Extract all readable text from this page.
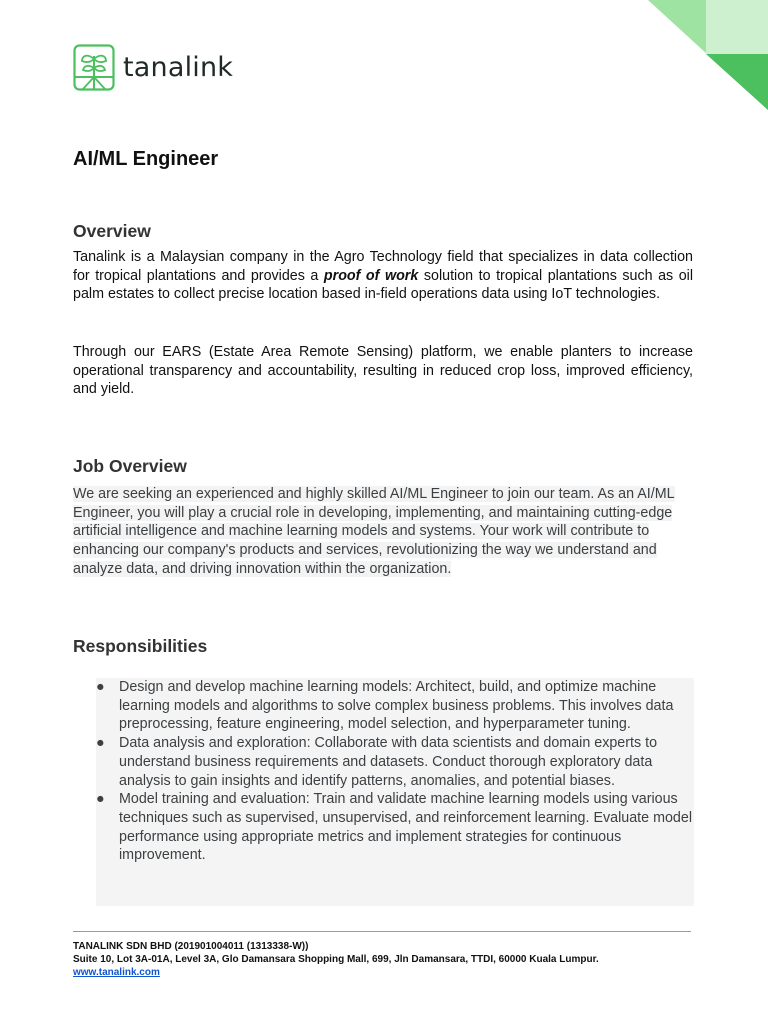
tanalink
AI/ML Engineer
Overview

Tanalink is a Malaysian company in the Agro Technology field that specializes in data collection for tropical plantations and provides a proof of work solution to tropical plantations such as oil palm estates to collect precise location based in-field operations data using IoT technologies.

Through our EARS (Estate Area Remote Sensing) platform, we enable planters to increase operational transparency and accountability, resulting in reduced crop loss, improved efficiency, and yield.

Job Overview

We are seeking an experienced and highly skilled AI/ML Engineer to join our team. As an AI/ML Engineer, you will play a crucial role in developing, implementing, and maintaining cutting-edge artificial intelligence and machine learning models and systems. Your work will contribute to enhancing our company's products and services, revolutionizing the way we understand and analyze data, and driving innovation within the organization.

Responsibilities
● Design and develop machine learning models: Architect, build, and optimize machine learning models and algorithms to solve complex business problems. This involves data preprocessing, feature engineering, model selection, and hyperparameter tuning.
● Data analysis and exploration: Collaborate with data scientists and domain experts to understand business requirements and datasets. Conduct thorough exploratory data analysis to gain insights and identify patterns, anomalies, and potential biases.
● Model training and evaluation: Train and validate machine learning models using various techniques such as supervised, unsupervised, and reinforcement learning. Evaluate model performance using appropriate metrics and implement strategies for continuous improvement.
TANALINK SDN BHD (201901004011 (1313338-W))
Suite 10, Lot 3A-01A, Level 3A, Glo Damansara Shopping Mall, 699, Jln Damansara, TTDI, 60000 Kuala Lumpur.
www.tanalink.com
